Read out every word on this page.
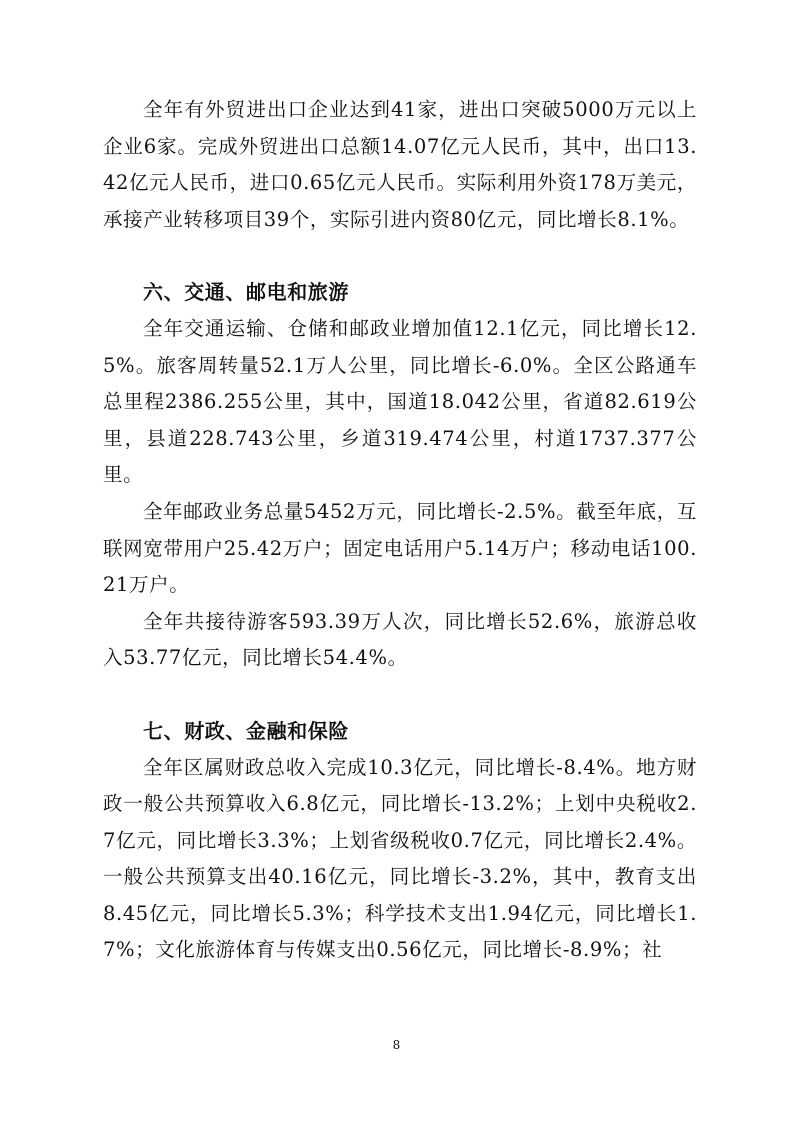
全年有外贸进出口企业达到41家，进出口突破5000万元以上企业6家。完成外贸进出口总额14.07亿元人民币，其中，出口13.42亿元人民币，进口0.65亿元人民币。实际利用外资178万美元，承接产业转移项目39个，实际引进内资80亿元，同比增长8.1%。

六、交通、邮电和旅游

全年交通运输、仓储和邮政业增加值12.1亿元，同比增长12.5%。旅客周转量52.1万人公里，同比增长-6.0%。全区公路通车总里程2386.255公里，其中，国道18.042公里，省道82.619公里，县道228.743公里，乡道319.474公里，村道1737.377公里。

全年邮政业务总量5452万元，同比增长-2.5%。截至年底，互联网宽带用户25.42万户；固定电话用户5.14万户；移动电话100.21万户。

全年共接待游客593.39万人次，同比增长52.6%，旅游总收入53.77亿元，同比增长54.4%。

七、财政、金融和保险

全年区属财政总收入完成10.3亿元，同比增长-8.4%。地方财政一般公共预算收入6.8亿元，同比增长-13.2%；上划中央税收2.7亿元，同比增长3.3%；上划省级税收0.7亿元，同比增长2.4%。一般公共预算支出40.16亿元，同比增长-3.2%，其中，教育支出8.45亿元，同比增长5.3%；科学技术支出1.94亿元，同比增长1.7%；文化旅游体育与传媒支出0.56亿元，同比增长-8.9%；社

8
